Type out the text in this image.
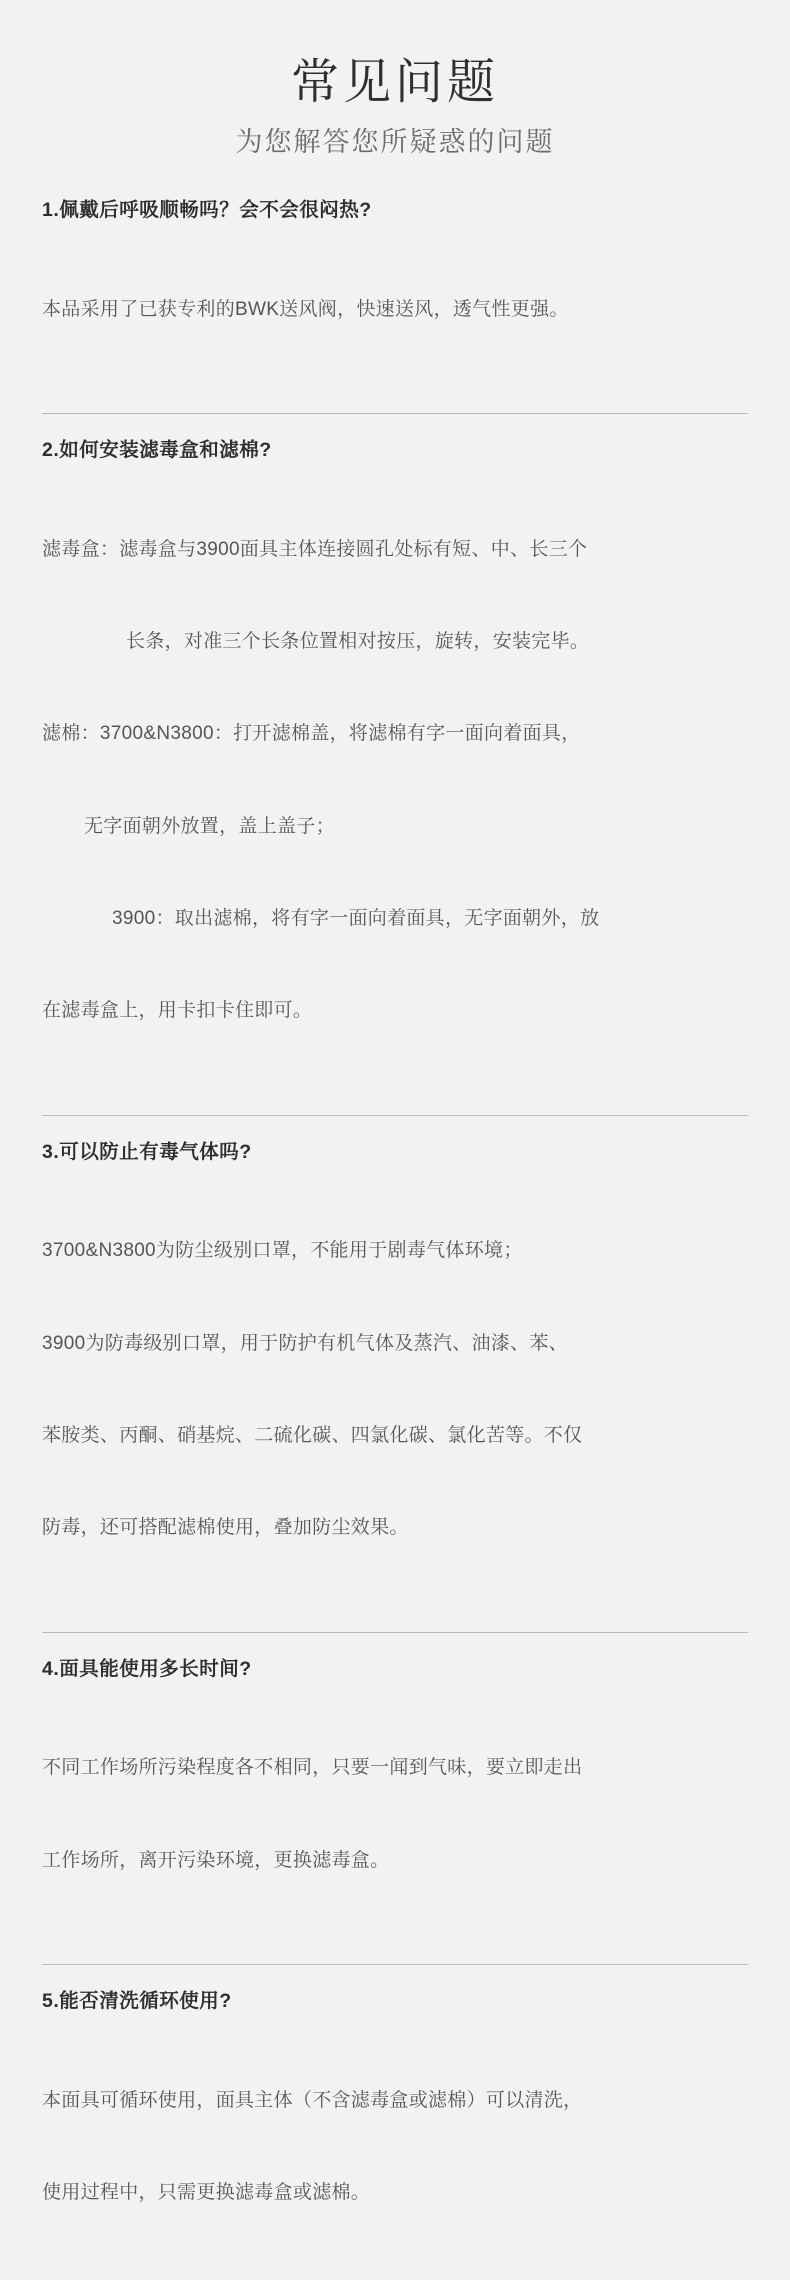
常见问题

为您解答您所疑惑的问题

1.佩戴后呼吸顺畅吗？会不会很闷热?

本品采用了已获专利的BWK送风阀，快速送风，透气性更强。

2.如何安装滤毒盒和滤棉?

滤毒盒：滤毒盒与3900面具主体连接圆孔处标有短、中、长三个

长条，对准三个长条位置相对按压，旋转，安装完毕。

滤棉：3700&N3800：打开滤棉盖，将滤棉有字一面向着面具，

无字面朝外放置，盖上盖子；

3900：取出滤棉，将有字一面向着面具，无字面朝外，放

在滤毒盒上，用卡扣卡住即可。

3.可以防止有毒气体吗?

3700&N3800为防尘级别口罩，不能用于剧毒气体环境；

3900为防毒级别口罩，用于防护有机气体及蒸汽、油漆、苯、

苯胺类、丙酮、硝基烷、二硫化碳、四氯化碳、氯化苦等。不仅

防毒，还可搭配滤棉使用，叠加防尘效果。

4.面具能使用多长时间?

不同工作场所污染程度各不相同，只要一闻到气味，要立即走出

工作场所，离开污染环境，更换滤毒盒。

5.能否清洗循环使用?

本面具可循环使用，面具主体（不含滤毒盒或滤棉）可以清洗，

使用过程中，只需更换滤毒盒或滤棉。
